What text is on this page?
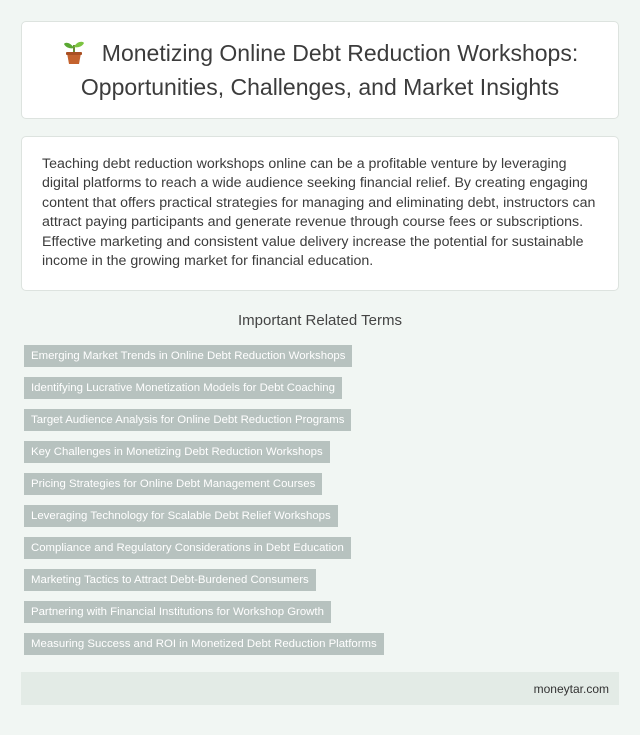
Monetizing Online Debt Reduction Workshops: Opportunities, Challenges, and Market Insights

Teaching debt reduction workshops online can be a profitable venture by leveraging digital platforms to reach a wide audience seeking financial relief. By creating engaging content that offers practical strategies for managing and eliminating debt, instructors can attract paying participants and generate revenue through course fees or subscriptions. Effective marketing and consistent value delivery increase the potential for sustainable income in the growing market for financial education.

Important Related Terms
Emerging Market Trends in Online Debt Reduction Workshops
Identifying Lucrative Monetization Models for Debt Coaching
Target Audience Analysis for Online Debt Reduction Programs
Key Challenges in Monetizing Debt Reduction Workshops
Pricing Strategies for Online Debt Management Courses
Leveraging Technology for Scalable Debt Relief Workshops
Compliance and Regulatory Considerations in Debt Education
Marketing Tactics to Attract Debt-Burdened Consumers
Partnering with Financial Institutions for Workshop Growth
Measuring Success and ROI in Monetized Debt Reduction Platforms
moneytar.com
